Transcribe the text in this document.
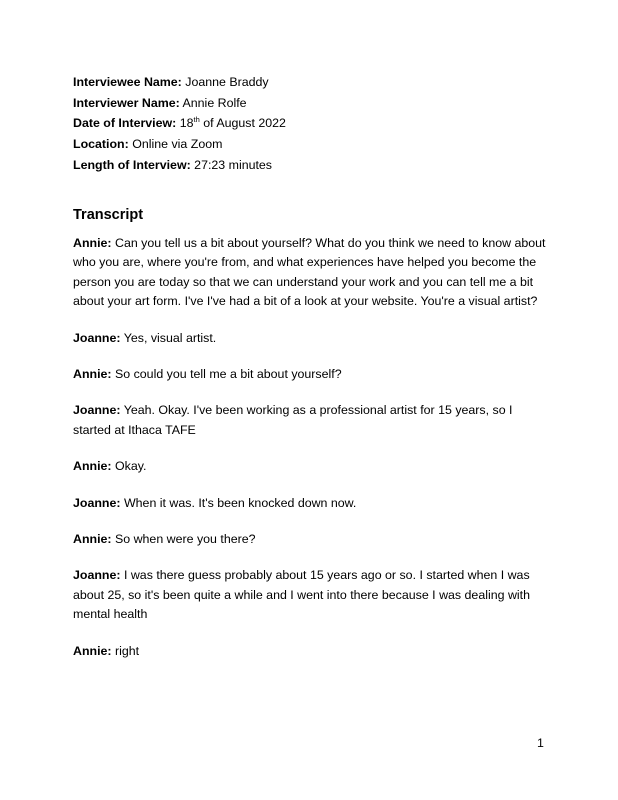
Interviewee Name: Joanne Braddy
Interviewer Name: Annie Rolfe
Date of Interview: 18th of August 2022
Location: Online via Zoom
Length of Interview: 27:23 minutes
Transcript

Annie: Can you tell us a bit about yourself? What do you think we need to know about who you are, where you're from, and what experiences have helped you become the person you are today so that we can understand your work and you can tell me a bit about your art form. I've I've had a bit of a look at your website. You're a visual artist?

Joanne: Yes, visual artist.

Annie: So could you tell me a bit about yourself?

Joanne: Yeah. Okay. I've been working as a professional artist for 15 years, so I started at Ithaca TAFE

Annie: Okay.

Joanne: When it was. It's been knocked down now.

Annie: So when were you there?

Joanne: I was there guess probably about 15 years ago or so. I started when I was about 25, so it's been quite a while and I went into there because I was dealing with mental health

Annie: right

1
